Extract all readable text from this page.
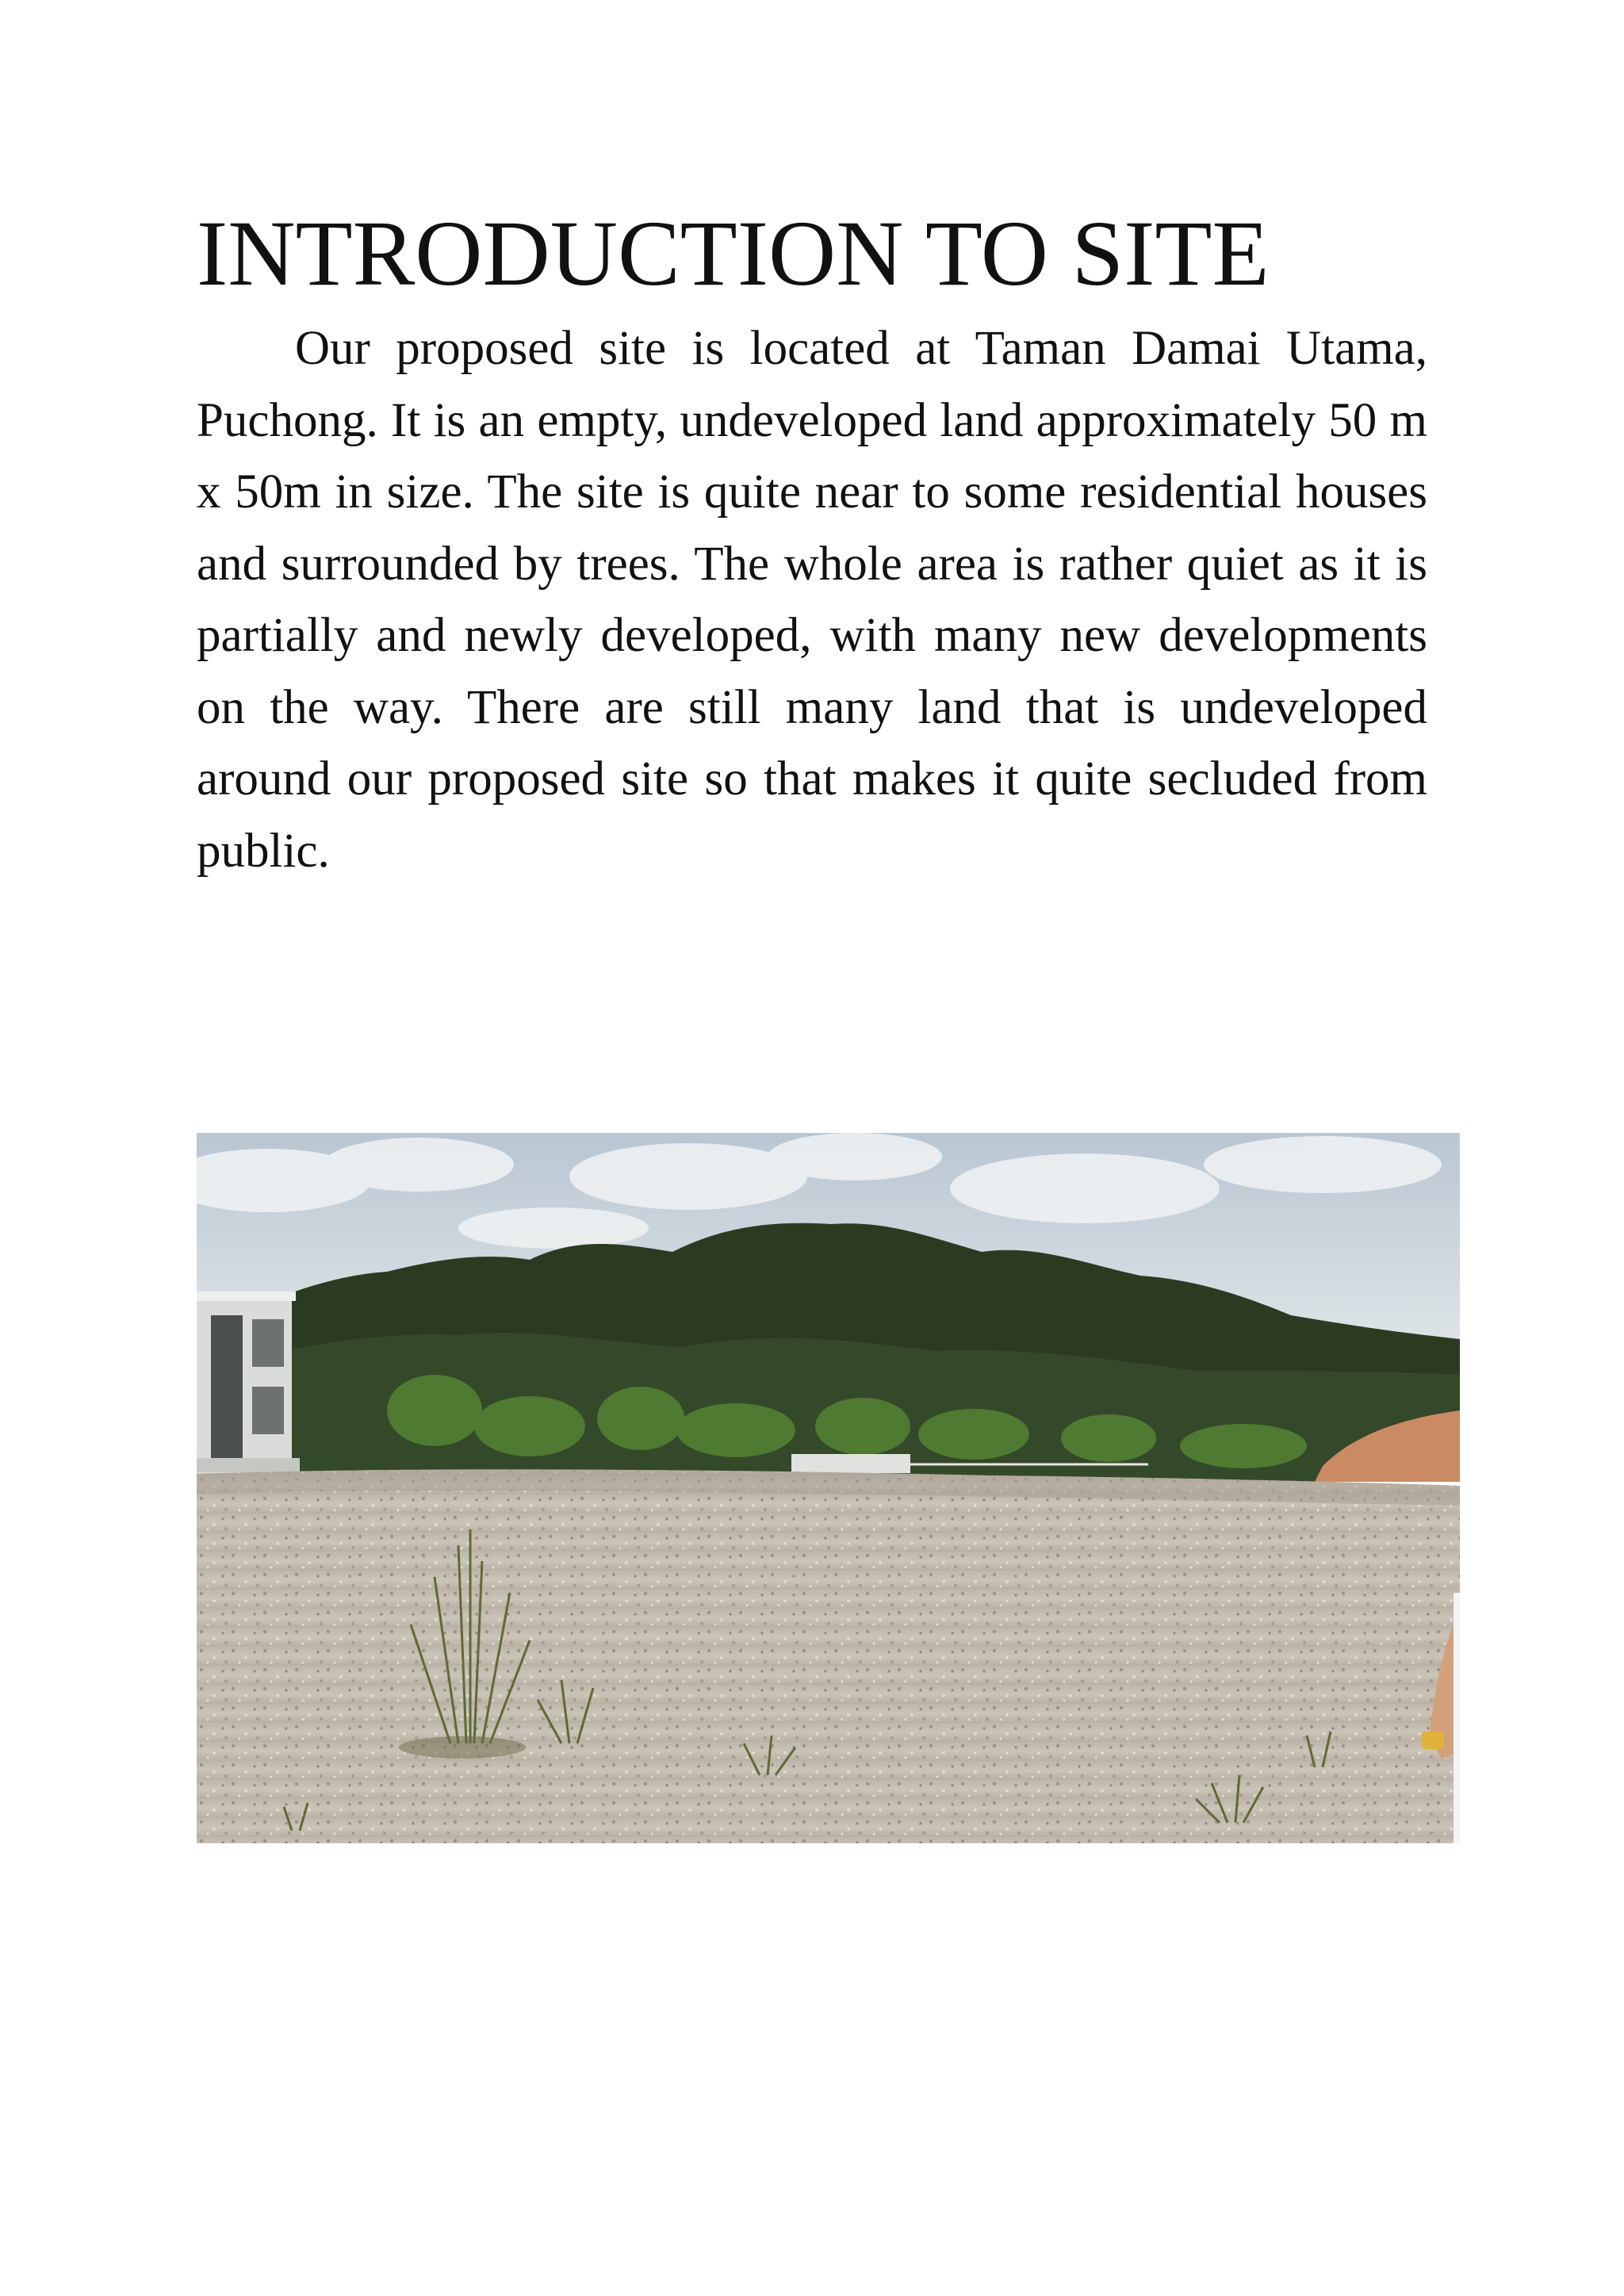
INTRODUCTION TO SITE

Our proposed site is located at Taman Damai Utama, Puchong. It is an empty, undeveloped land approximately 50 m x 50m in size. The site is quite near to some residential houses and surrounded by trees. The whole area is rather quiet as it is partially and newly developed, with many new developments on the way. There are still many land that is undeveloped around our proposed site so that makes it quite secluded from public.
